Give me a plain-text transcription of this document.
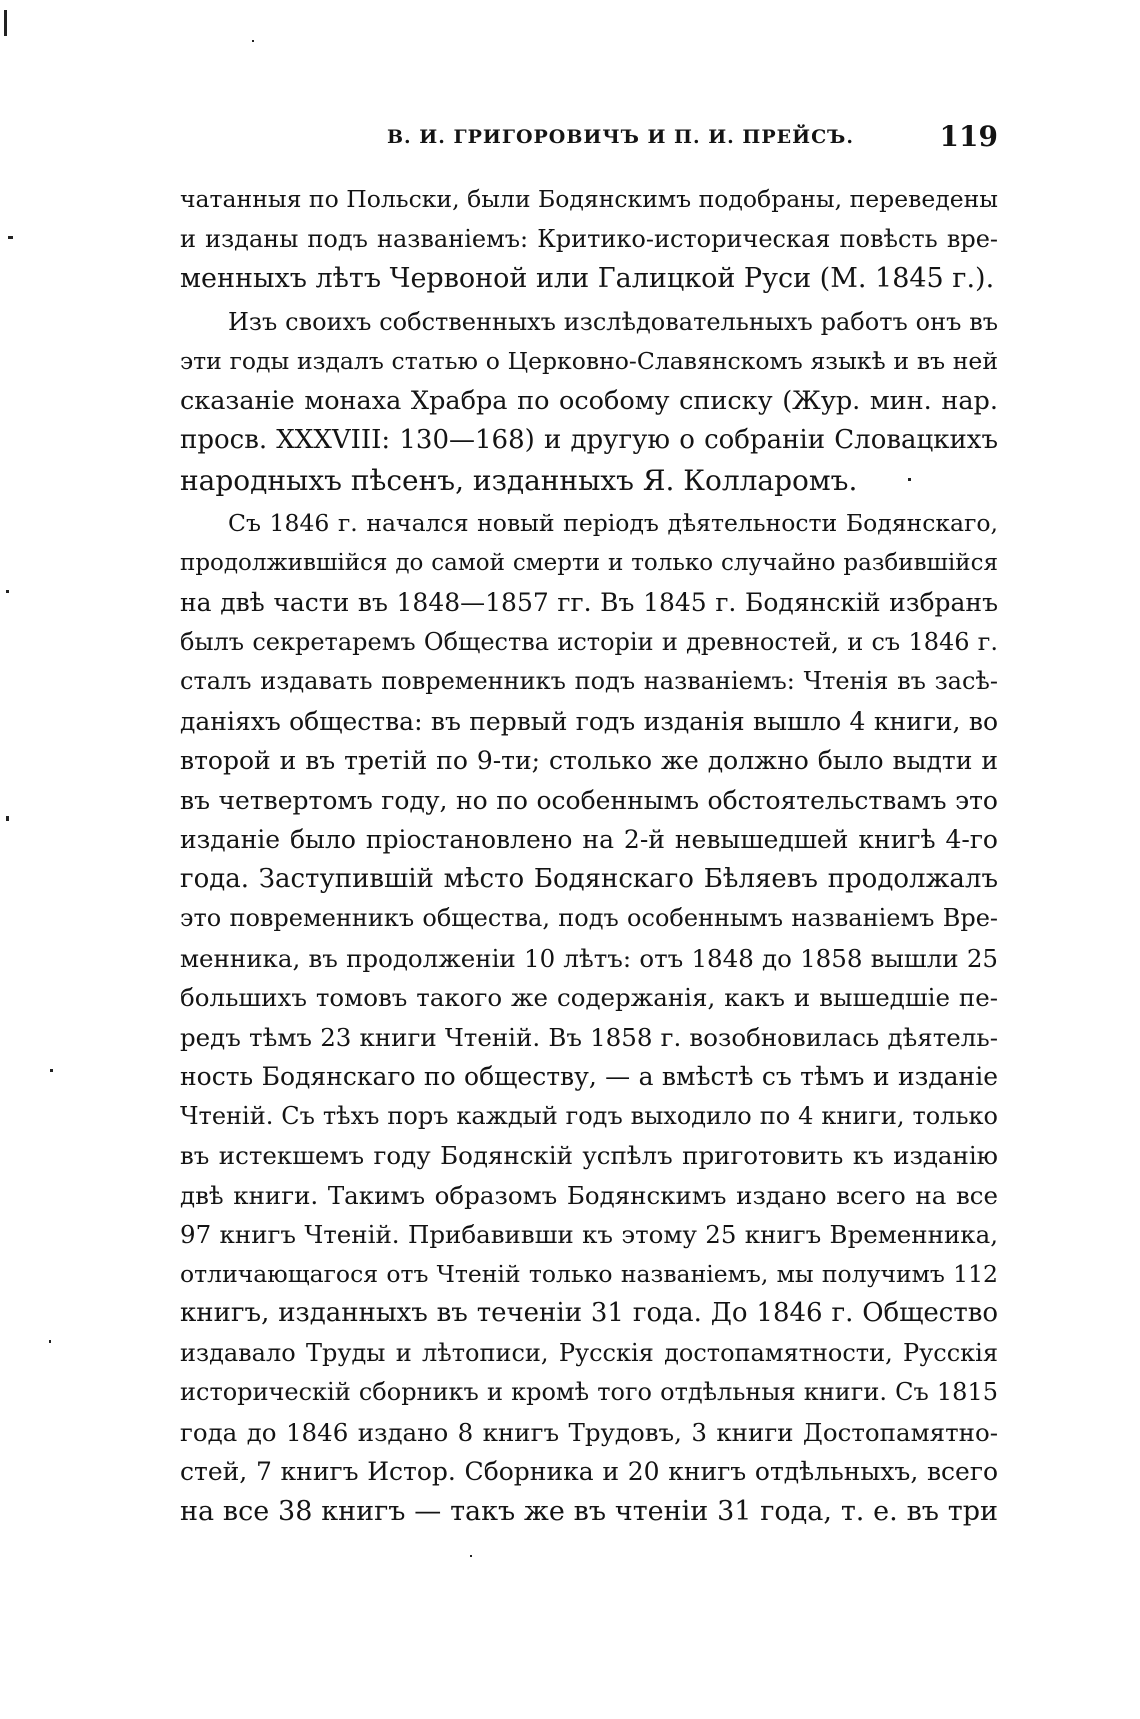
В. И. ГРИГОРОВИЧЪ И П. И. ПРЕЙСЪ.	119
чатанныя по Польски, были Бодянскимъ подобраны, переведены
и изданы подъ названіемъ: Критико-историческая повѣсть вре-
менныхъ лѣтъ Червоной или Галицкой Руси (М. 1845 г.).
Изъ своихъ собственныхъ изслѣдовательныхъ работъ онъ въ
эти годы издалъ статью о Церковно-Славянскомъ языкѣ и въ ней
сказаніе монаха Храбра по особому списку (Жур. мин. нар.
просв. XXXVIII: 130—168) и другую о собраніи Словацкихъ
народныхъ пѣсенъ, изданныхъ Я. Колларомъ.
Съ 1846 г. начался новый періодъ дѣятельности Бодянскаго,
продолжившійся до самой смерти и только случайно разбившійся
на двѣ части въ 1848—1857 гг. Въ 1845 г. Бодянскій избранъ
былъ секретаремъ Общества исторіи и древностей, и съ 1846 г.
сталъ издавать повременникъ подъ названіемъ: Чтенія въ засѣ-
даніяхъ общества: въ первый годъ изданія вышло 4 книги, во
второй и въ третій по 9-ти; столько же должно было выдти и
въ четвертомъ году, но по особеннымъ обстоятельствамъ это
изданіе было пріостановлено на 2-й невышедшей книгѣ 4-го
года. Заступившій мѣсто Бодянскаго Бѣляевъ продолжалъ
это повременникъ общества, подъ особеннымъ названіемъ Вре-
менника, въ продолженіи 10 лѣтъ: отъ 1848 до 1858 вышли 25
большихъ томовъ такого же содержанія, какъ и вышедшіе пе-
редъ тѣмъ 23 книги Чтеній. Въ 1858 г. возобновилась дѣятель-
ность Бодянскаго по обществу, — а вмѣстѣ съ тѣмъ и изданіе
Чтеній. Съ тѣхъ поръ каждый годъ выходило по 4 книги, только
въ истекшемъ году Бодянскій успѣлъ приготовить къ изданію
двѣ книги. Такимъ образомъ Бодянскимъ издано всего на все
97 книгъ Чтеній. Прибавивши къ этому 25 книгъ Временника,
отличающагося отъ Чтеній только названіемъ, мы получимъ 112
книгъ, изданныхъ въ теченіи 31 года. До 1846 г. Общество
издавало Труды и лѣтописи, Русскія достопамятности, Русскія
историческій сборникъ и кромѣ того отдѣльныя книги. Съ 1815
года до 1846 издано 8 книгъ Трудовъ, 3 книги Достопамятно-
стей, 7 книгъ Истор. Сборника и 20 книгъ отдѣльныхъ, всего
на все 38 книгъ — такъ же въ чтеніи 31 года, т. е. въ три
